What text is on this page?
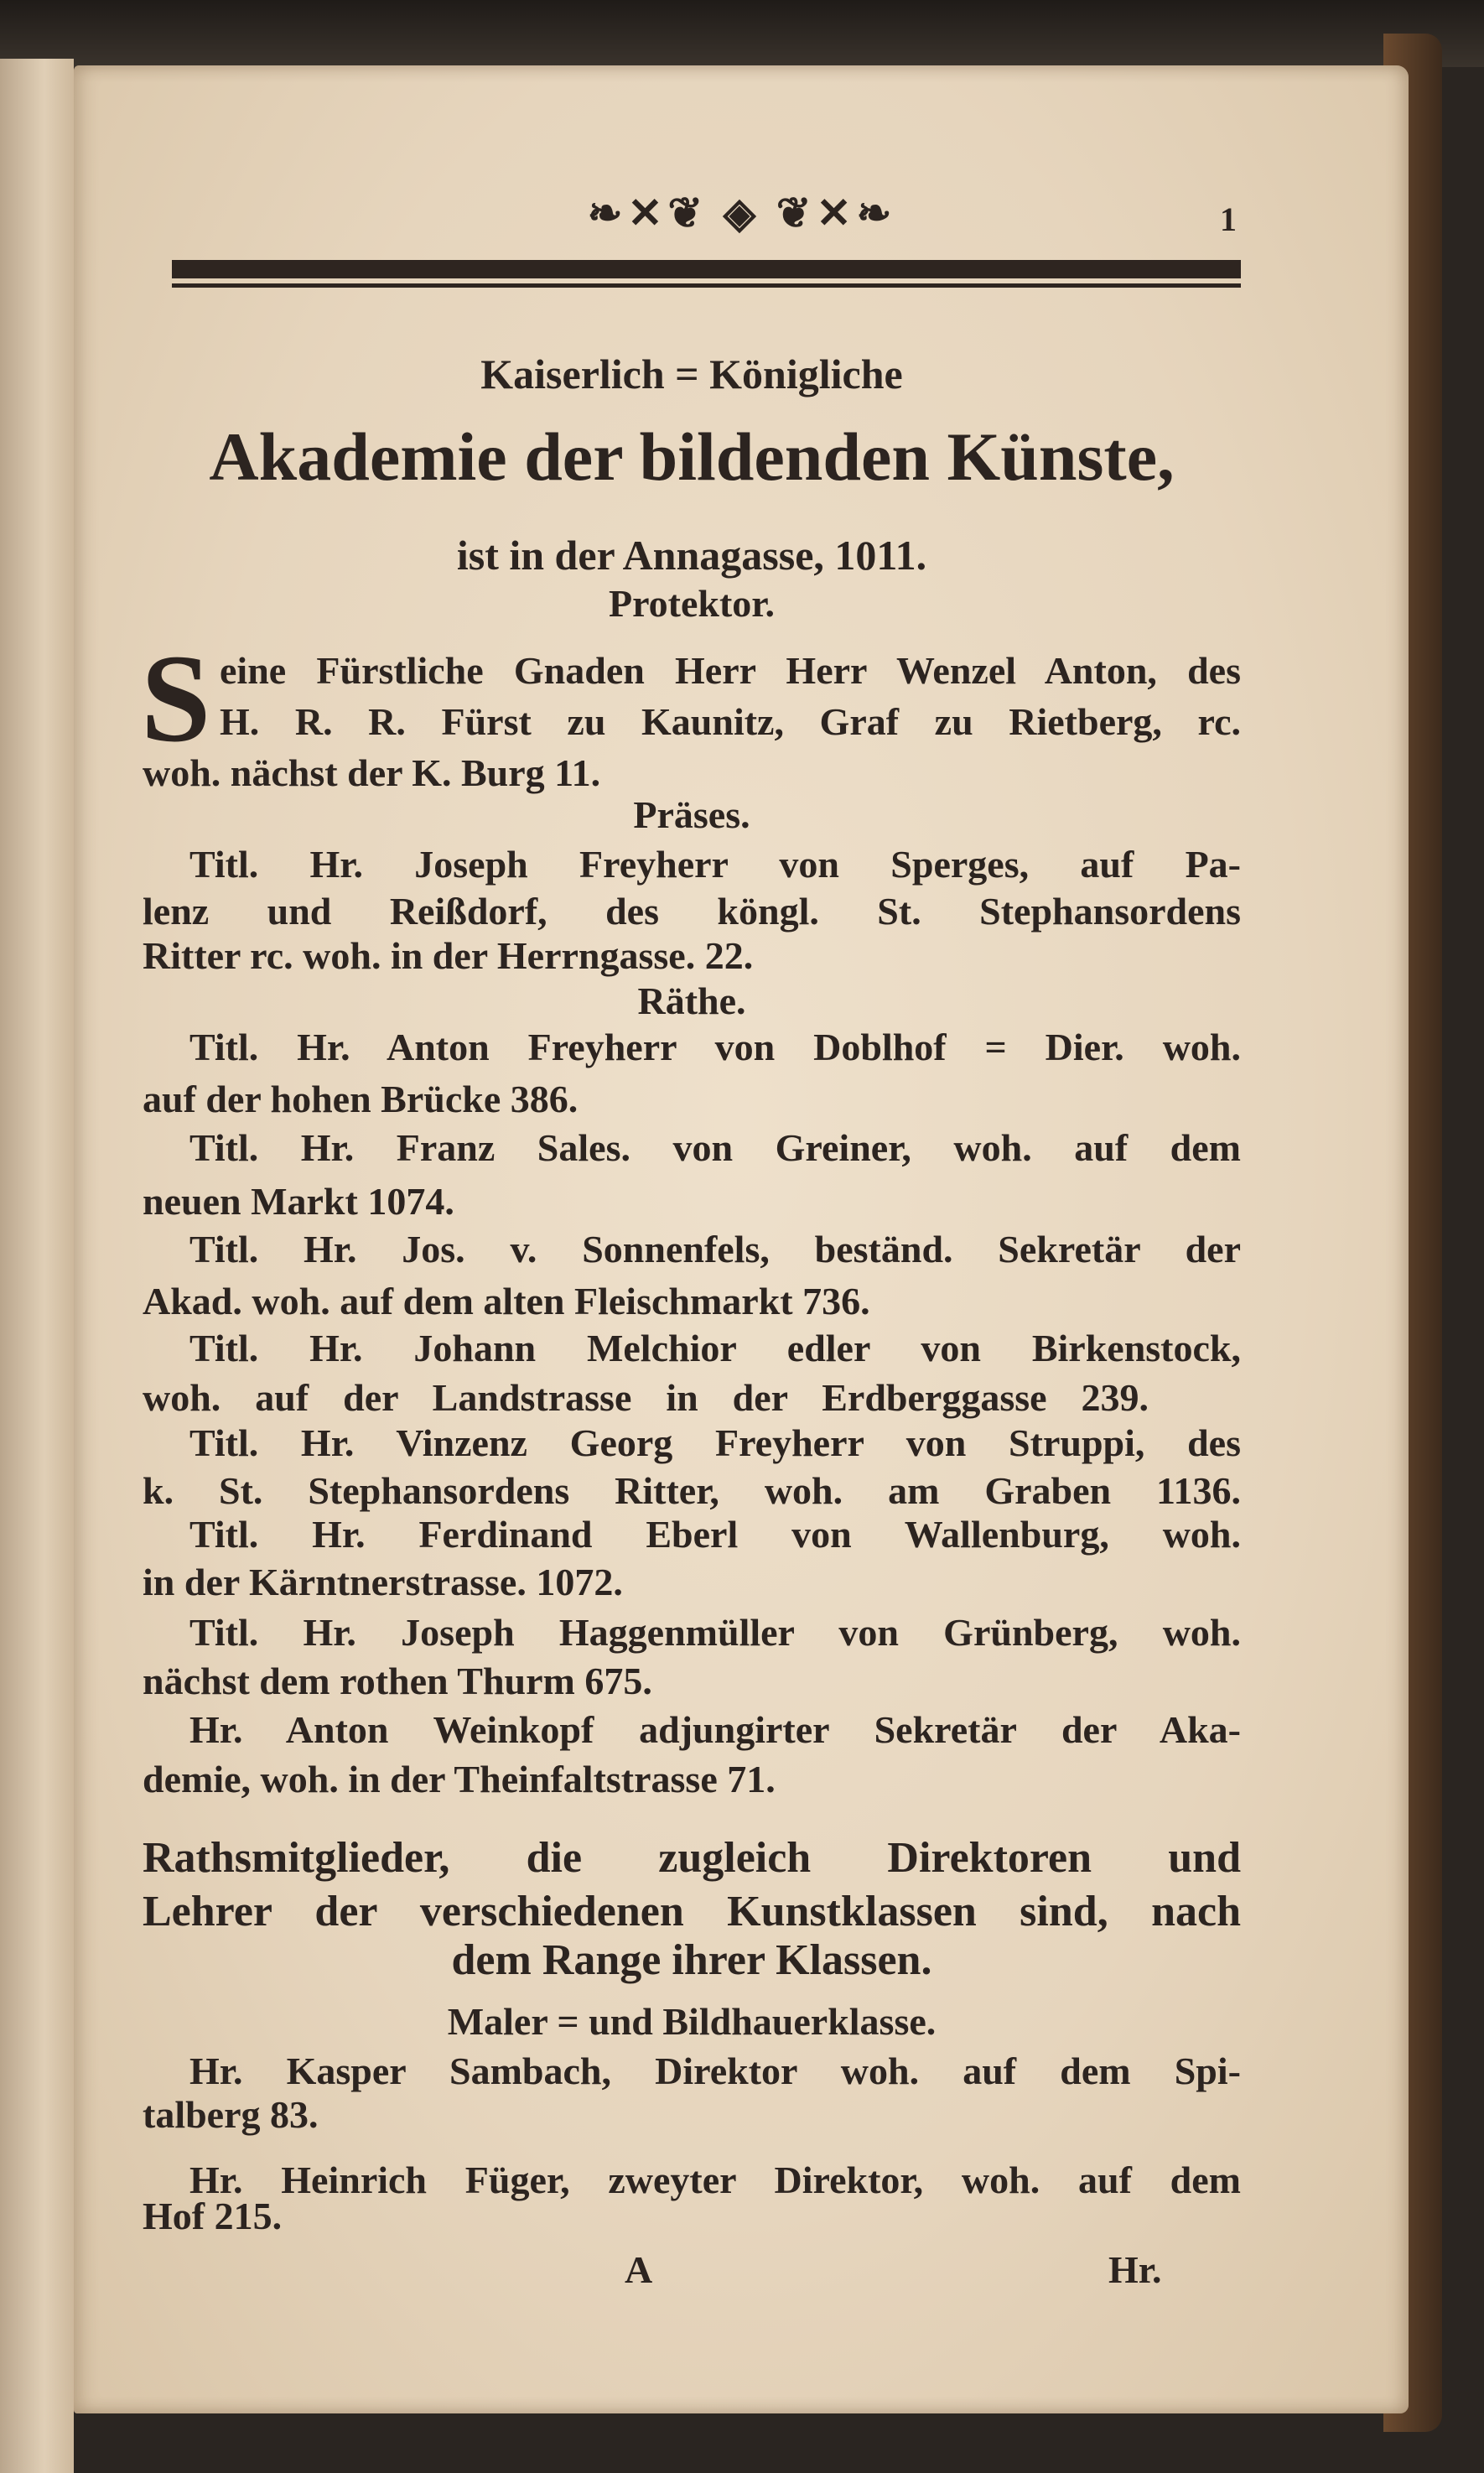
❧✕❦ ◈ ❦✕❧	1
Kaiserlich = Königliche
Akademie der bildenden Künste,
ist in der Annagasse, 1011.
Protektor.
S eine Fürstliche Gnaden Herr Herr Wenzel Anton, des
H. R. R. Fürst zu Kaunitz, Graf zu Rietberg, rc.
woh. nächst der K. Burg 11.
Präses.
Titl. Hr. Joseph Freyherr von Sperges, auf Pa-
lenz und Reißdorf, des köngl. St. Stephansordens
Ritter rc. woh. in der Herrngasse. 22.
Räthe.
Titl. Hr. Anton Freyherr von Doblhof = Dier. woh.
auf der hohen Brücke 386.
Titl. Hr. Franz Sales. von Greiner, woh. auf dem
neuen Markt 1074.
Titl. Hr. Jos. v. Sonnenfels, beständ. Sekretär der
Akad. woh. auf dem alten Fleischmarkt 736.
Titl. Hr. Johann Melchior edler von Birkenstock,
woh. auf der Landstrasse in der Erdberggasse 239.
Titl. Hr. Vinzenz Georg Freyherr von Struppi, des
k. St. Stephansordens Ritter, woh. am Graben 1136.
Titl. Hr. Ferdinand Eberl von Wallenburg, woh.
in der Kärntnerstrasse. 1072.
Titl. Hr. Joseph Haggenmüller von Grünberg, woh.
nächst dem rothen Thurm 675.
Hr. Anton Weinkopf adjungirter Sekretär der Aka-
demie, woh. in der Theinfaltstrasse 71.
Rathsmitglieder, die zugleich Direktoren und
Lehrer der verschiedenen Kunstklassen sind, nach
dem Range ihrer Klassen.
Maler = und Bildhauerklasse.
Hr. Kasper Sambach, Direktor woh. auf dem Spi-
talberg 83.
Hr. Heinrich Füger, zweyter Direktor, woh. auf dem
Hof 215.
A	Hr.
